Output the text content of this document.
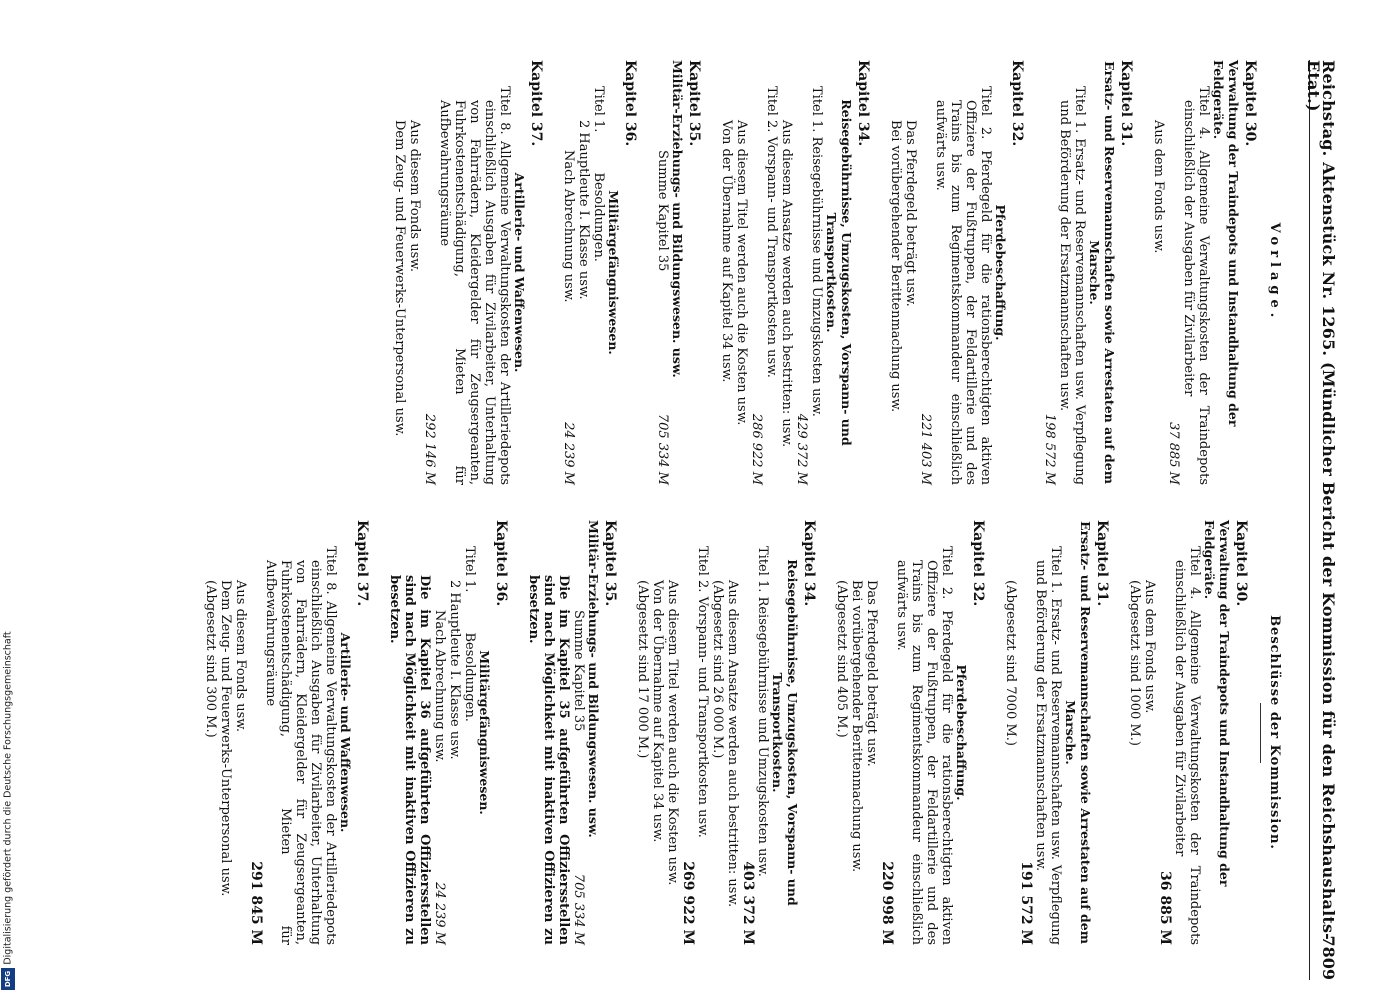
Digitalisierung gefördert durch die Deutsche Forschungsgemeinschaft
DFG
Reichstag. Aktenstück Nr. 1265. (Mündlicher Bericht der Kommission für den Reichshaushalts-Etat.)
7809
Vorlage.
Kapitel 30.
Verwaltung der Traindepots und Instandhaltung der Feldgeräte.
Titel 4. Allgemeine Verwaltungskosten der Traindepots einschließlich der Ausgaben für Zivilarbeiter
37 885 M
Aus dem Fonds usw.
Kapitel 31.
Ersatz- und Reservemannschaften sowie Arrestaten auf dem Marsche.
Titel 1. Ersatz- und Reservemannschaften usw. Verpflegung und Beförderung der Ersatzmannschaften usw.
198 572 M
Kapitel 32.
Pferdebeschaffung.
Titel 2. Pferdegeld für die rationsberechtigten aktiven Offiziere der Fußtruppen, der Feldartillerie und des Trains bis zum Regimentskommandeur einschließlich aufwärts usw.
221 403 M
Das Pferdegeld beträgt usw.
Bei vorübergehender Berittenmachung usw.
Kapitel 34.
Reisegebührnisse, Umzugskosten, Vorspann- und Transportkosten.
Titel 1. Reisegebührnisse und Umzugskosten usw.
429 372 M
Aus diesem Ansatze werden auch bestritten: usw.
Titel 2. Vorspann- und Transportkosten usw.
286 922 M
Aus diesem Titel werden auch die Kosten usw.
Von der Übernahme auf Kapitel 34 usw.
Kapitel 35.
Militär-Erziehungs- und Bildungswesen. usw.
Summe Kapitel 35
705 334 M
Kapitel 36.
Militärgefängniswesen.
Titel 1.
Besoldungen.
2 Hauptleute I. Klasse usw.
Nach Abrechnung usw.
24 239 M
Kapitel 37.
Artillerie- und Waffenwesen.
Titel 8. Allgemeine Verwaltungskosten der Artilleriedepots einschließlich Ausgaben für Zivilarbeiter, Unterhaltung von Fahrrädern, Kleidergelder für Zeugsergeanten, Fuhrkostenentschädigung, Mieten für Aufbewahrungsräume
292 146 M
Aus diesem Fonds usw.
Dem Zeug- und Feuerwerks-Unterpersonal usw.
Beschlüsse der Kommission.
Kapitel 30.
Verwaltung der Traindepots und Instandhaltung der Feldgeräte.
Titel 4. Allgemeine Verwaltungskosten der Traindepots einschließlich der Ausgaben für Zivilarbeiter
36 885 M
Aus dem Fonds usw.
(Abgesetzt sind 1000 M.)
Kapitel 31.
Ersatz- und Reservemannschaften sowie Arrestaten auf dem Marsche.
Titel 1. Ersatz- und Reservemannschaften usw. Verpflegung und Beförderung der Ersatzmannschaften usw.
191 572 M
(Abgesetzt sind 7000 M.)
Kapitel 32.
Pferdebeschaffung.
Titel 2. Pferdegeld für die rationsberechtigten aktiven Offiziere der Fußtruppen, der Feldartillerie und des Trains bis zum Regimentskommandeur einschließlich aufwärts usw.
220 998 M
Das Pferdegeld beträgt usw.
Bei vorübergehender Berittenmachung usw.
(Abgesetzt sind 405 M.)
Kapitel 34.
Reisegebührnisse, Umzugskosten, Vorspann- und Transportkosten.
Titel 1. Reisegebührnisse und Umzugskosten usw.
403 372 M
Aus diesem Ansatze werden auch bestritten: usw.
(Abgesetzt sind 26 000 M.)
Titel 2. Vorspann- und Transportkosten usw.
269 922 M
Aus diesem Titel werden auch die Kosten usw.
Von der Übernahme auf Kapitel 34 usw.
(Abgesetzt sind 17 000 M.)
Kapitel 35.
Militär-Erziehungs- und Bildungswesen. usw.
Summe Kapitel 35
705 334 M
Die im Kapitel 35 aufgeführten Offiziersstellen sind nach Möglichkeit mit inaktiven Offizieren zu besetzen.
Kapitel 36.
Militärgefängniswesen.
Titel 1.
Besoldungen.
2 Hauptleute I. Klasse usw.
Nach Abrechnung usw.
24 239 M
Die im Kapitel 36 aufgeführten Offiziersstellen sind nach Möglichkeit mit inaktiven Offizieren zu besetzen.
Kapitel 37.
Artillerie- und Waffenwesen.
Titel 8. Allgemeine Verwaltungskosten der Artilleriedepots einschließlich Ausgaben für Zivilarbeiter, Unterhaltung von Fahrrädern, Kleidergelder für Zeugsergeanten, Fuhrkostenentschädigung, Mieten für Aufbewahrungsräume
291 845 M
Aus diesem Fonds usw.
Dem Zeug- und Feuerwerks-Unterpersonal usw.
(Abgesetzt sind 300 M.)
